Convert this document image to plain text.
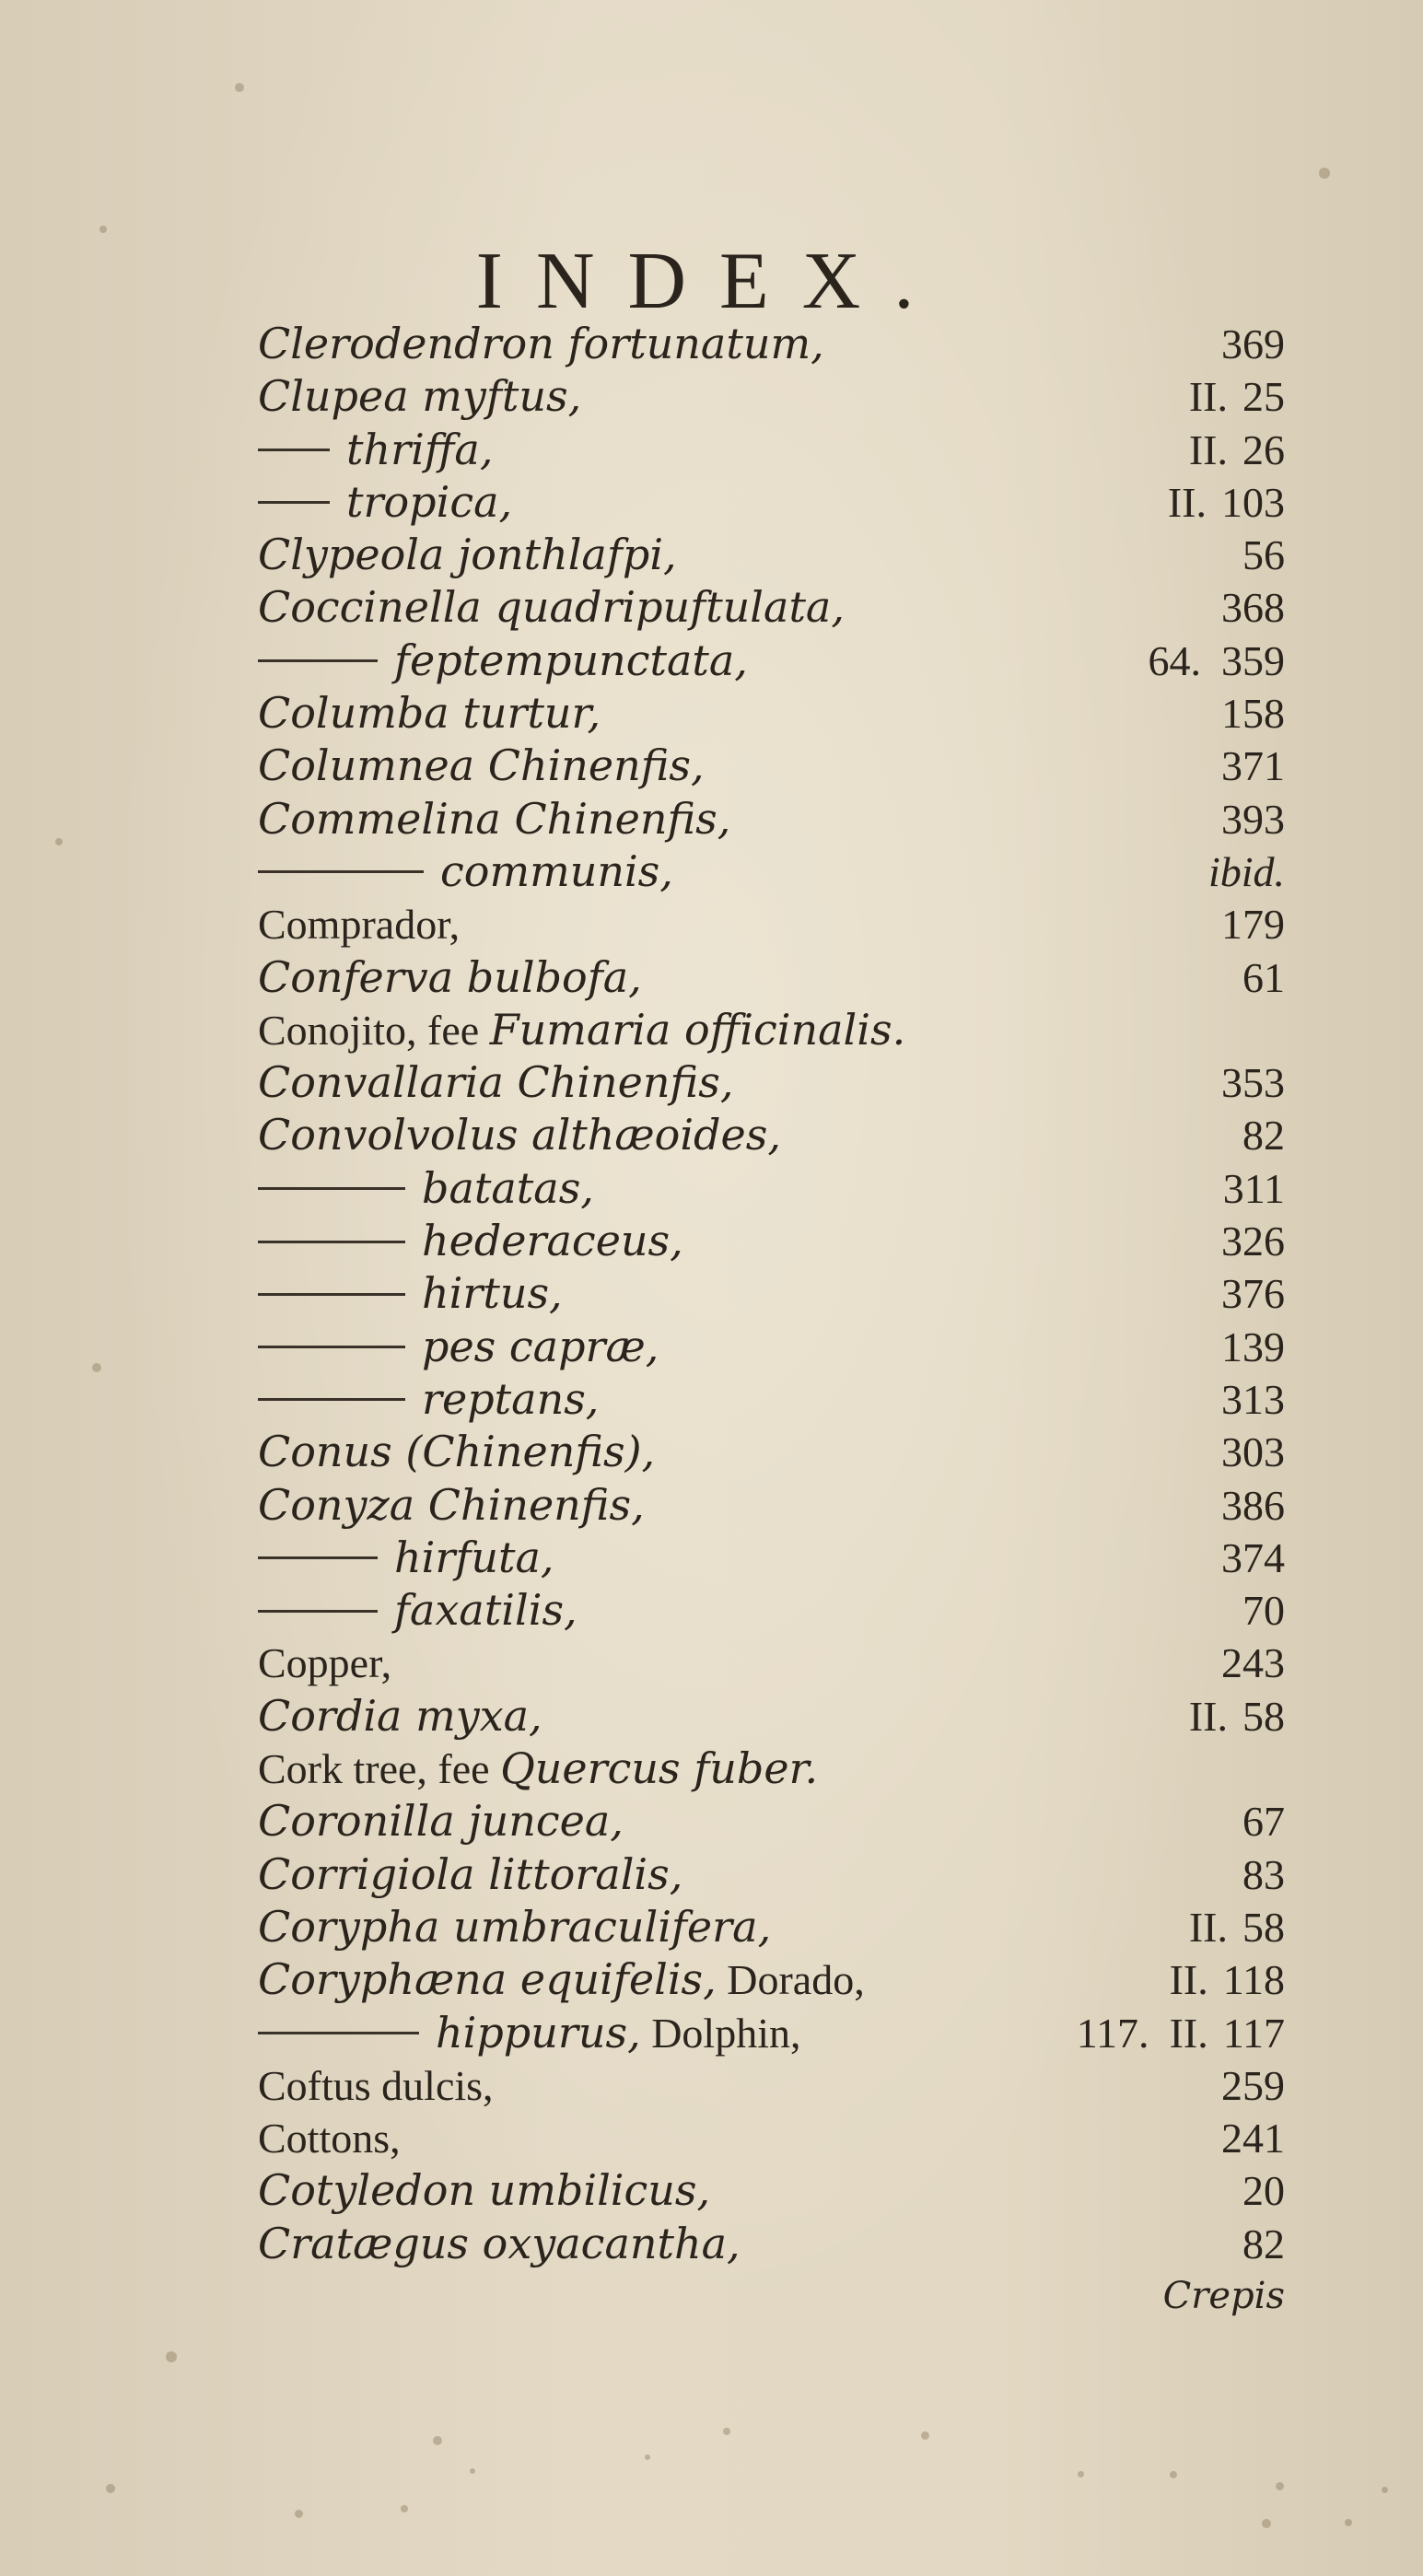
INDEX.
Clerodendron fortunatum,	369
Clupea myftus,	II. 25
thriffa,	II. 26
tropica,	II. 103
Clypeola jonthlafpi,	56
Coccinella quadripuftulata,	368
feptempunctata,	64. 359
Columba turtur,	158
Columnea Chinenfis,	371
Commelina Chinenfis,	393
communis,	ibid.
Comprador,	179
Conferva bulbofa,	61
Conojito, fee Fumaria officinalis.
Convallaria Chinenfis,	353
Convolvolus althæoides,	82
batatas,	311
hederaceus,	326
hirtus,	376
pes capræ,	139
reptans,	313
Conus (Chinenfis),	303
Conyza Chinenfis,	386
hirfuta,	374
faxatilis,	70
Copper,	243
Cordia myxa,	II. 58
Cork tree, fee Quercus fuber.
Coronilla juncea,	67
Corrigiola littoralis,	83
Corypha umbraculifera,	II. 58
Coryphæna equifelis, Dorado,	II. 118
hippurus, Dolphin,	117. II. 117
Coftus dulcis,	259
Cottons,	241
Cotyledon umbilicus,	20
Cratægus oxyacantha,	82
Crepis
